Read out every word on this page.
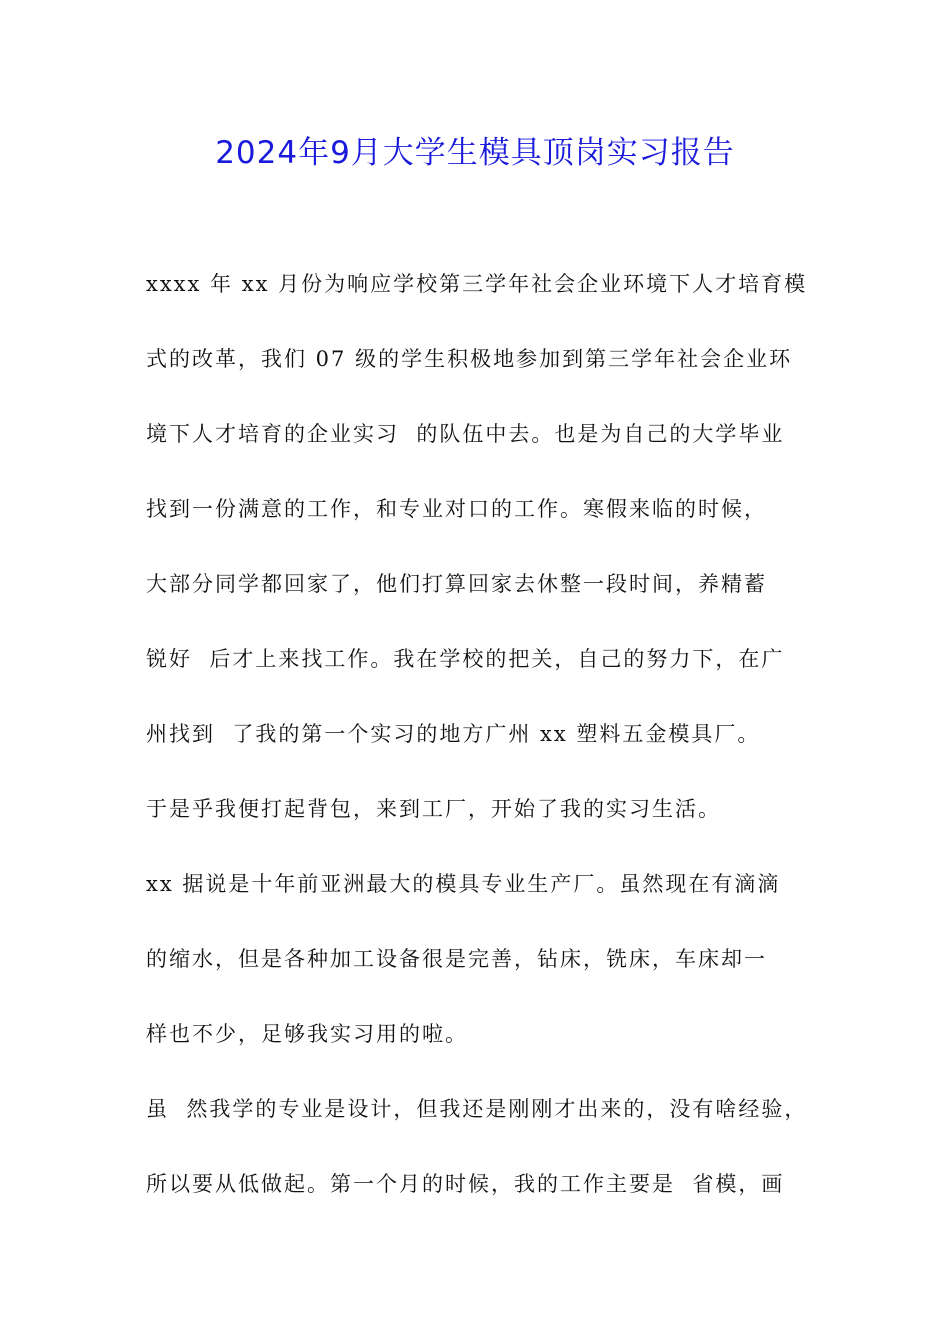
2024年9月大学生模具顶岗实习报告

xxxx 年 xx 月份为响应学校第三学年社会企业环境下人才培育模

式的改革，我们 07 级的学生积极地参加到第三学年社会企业环

境下人才培育的企业实习  的队伍中去。也是为自己的大学毕业

找到一份满意的工作，和专业对口的工作。寒假来临的时候，

大部分同学都回家了，他们打算回家去休整一段时间，养精蓄

锐好  后才上来找工作。我在学校的把关，自己的努力下，在广

州找到  了我的第一个实习的地方广州 xx 塑料五金模具厂。

于是乎我便打起背包，来到工厂，开始了我的实习生活。

xx 据说是十年前亚洲最大的模具专业生产厂。虽然现在有滴滴

的缩水，但是各种加工设备很是完善，钻床，铣床，车床却一

样也不少，足够我实习用的啦。

虽  然我学的专业是设计，但我还是刚刚才出来的，没有啥经验，

所以要从低做起。第一个月的时候，我的工作主要是  省模，画
